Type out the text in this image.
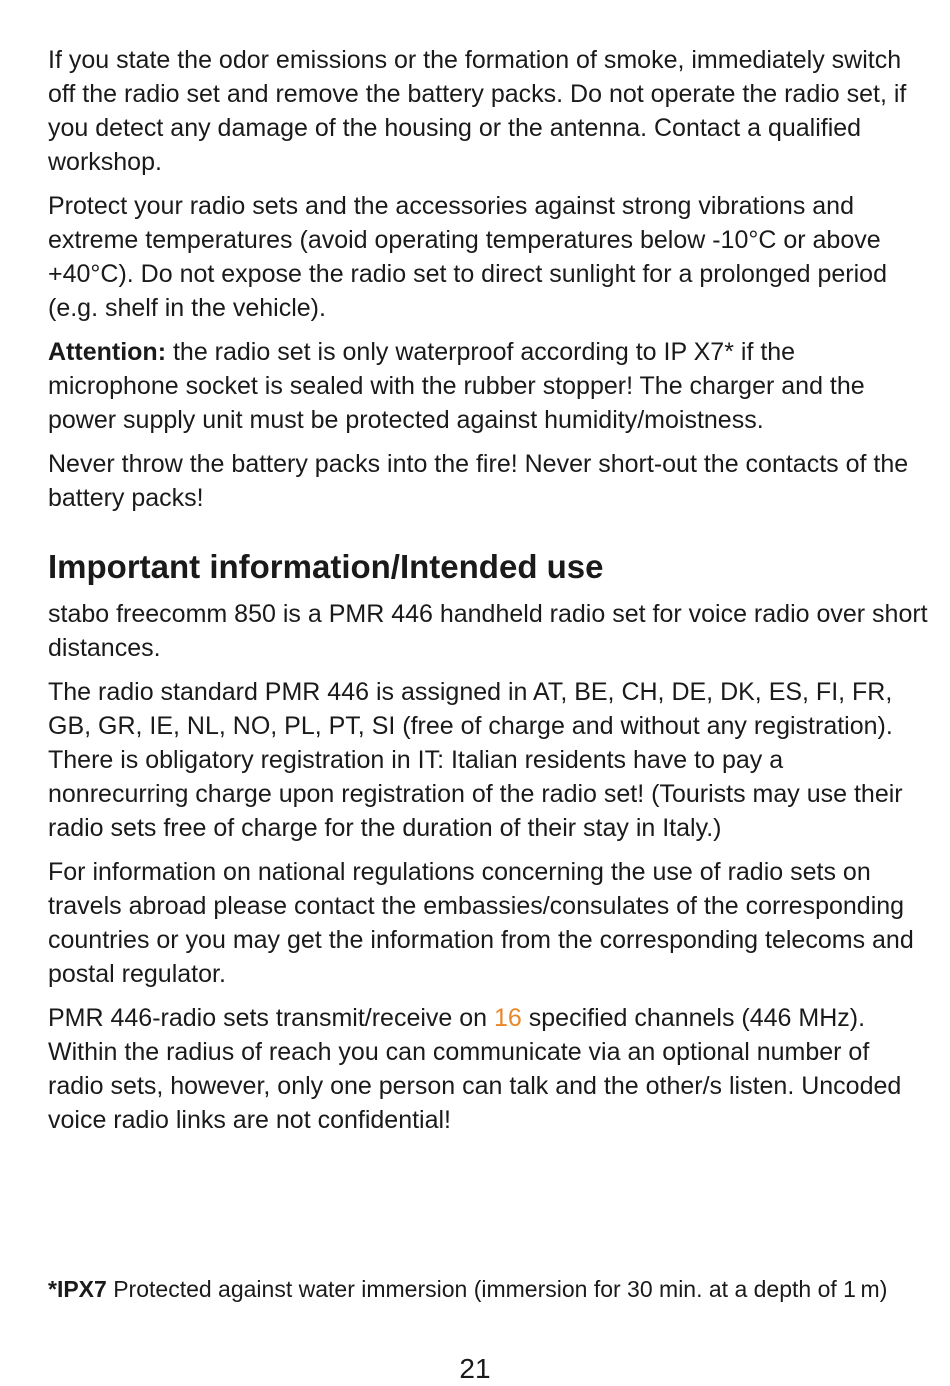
If you state the odor emissions or the formation of smoke, immediately switch off the radio set and remove the battery packs. Do not operate the radio set, if you detect any damage of the housing or the antenna. Contact a qualified workshop.

Protect your radio sets and the accessories against strong vibrations and extreme temperatures (avoid operating temperatures below -10°C or above +40°C). Do not expose the radio set to direct sunlight for a prolonged period (e.g. shelf in the vehicle).

Attention: the radio set is only waterproof according to IP X7* if the microphone socket is sealed with the rubber stopper! The charger and the power supply unit must be protected against humidity/moistness.

Never throw the battery packs into the fire! Never short-out the contacts of the battery packs!

Important information/Intended use

stabo freecomm 850 is a PMR 446 handheld radio set for voice radio over short distances.

The radio standard PMR 446 is assigned in AT, BE, CH, DE, DK, ES, FI, FR, GB, GR, IE, NL, NO, PL, PT, SI (free of charge and without any registration). There is obligatory registration in IT: Italian residents have to pay a nonrecurring charge upon registration of the radio set! (Tourists may use their radio sets free of charge for the duration of their stay in Italy.)

For information on national regulations concerning the use of radio sets on travels abroad please contact the embassies/consulates of the corresponding countries or you may get the information from the corresponding telecoms and postal regulator.

PMR 446-radio sets transmit/receive on 16 specified channels (446 MHz). Within the radius of reach you can communicate via an optional number of radio sets, however, only one person can talk and the other/s listen. Uncoded voice radio links are not confidential!

*IPX7 Protected against water immersion (immersion for 30 min. at a depth of 1 m)

21
